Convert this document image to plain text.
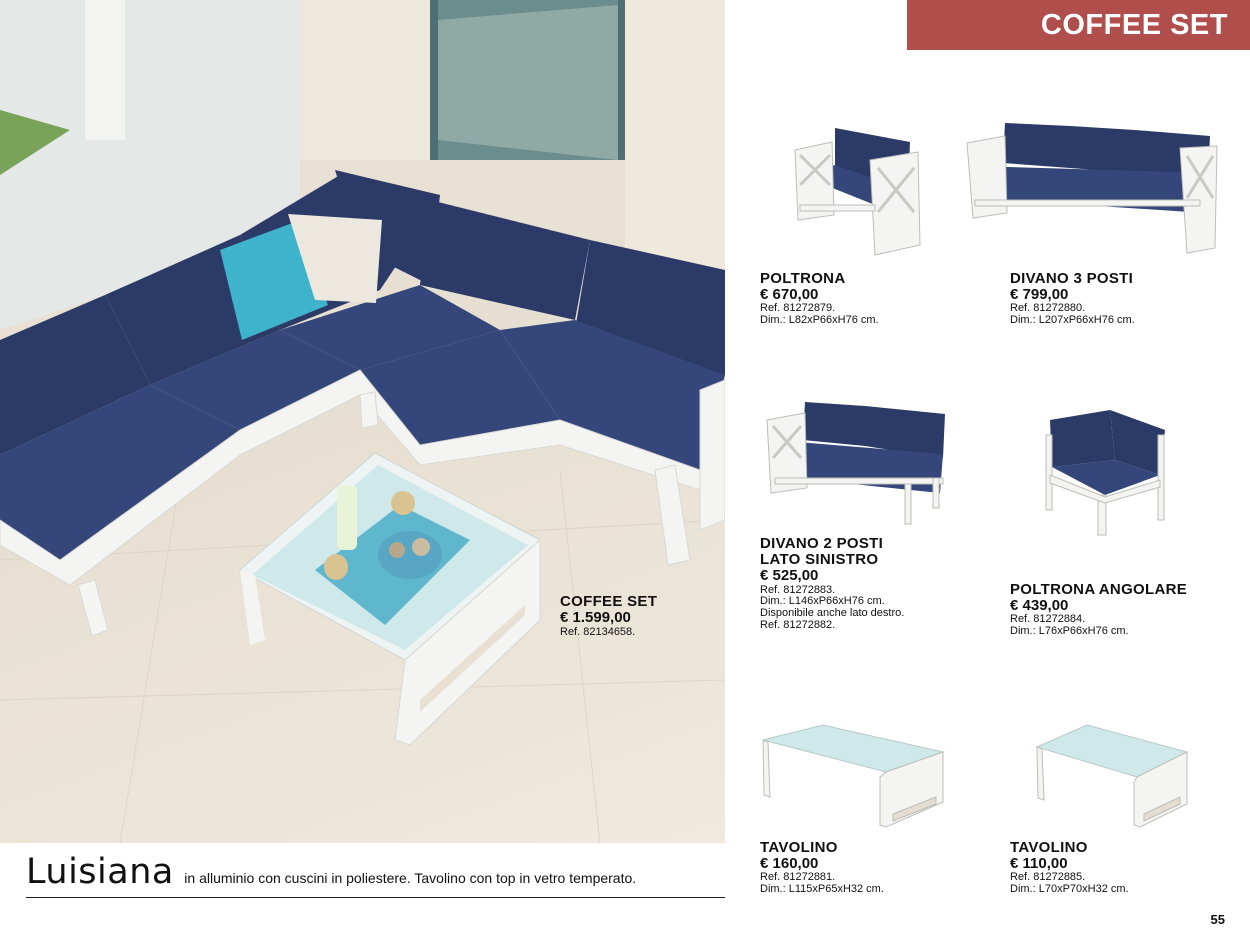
COFFEE SET
€ 1.599,00
Ref. 82134658.
Luisiana in alluminio con cuscini in poliestere. Tavolino con top in vetro temperato.
COFFEE SET
POLTRONA
€ 670,00
Ref. 81272879.
Dim.: L82xP66xH76 cm.
DIVANO 3 POSTI
€ 799,00
Ref. 81272880.
Dim.: L207xP66xH76 cm.
DIVANO 2 POSTI
LATO SINISTRO
€ 525,00
Ref. 81272883.
Dim.: L146xP66xH76 cm.
Disponibile anche lato destro.
Ref. 81272882.
POLTRONA ANGOLARE
€ 439,00
Ref. 81272884.
Dim.: L76xP66xH76 cm.
TAVOLINO
€ 160,00
Ref. 81272881.
Dim.: L115xP65xH32 cm.
TAVOLINO
€ 110,00
Ref. 81272885.
Dim.: L70xP70xH32 cm.
55
